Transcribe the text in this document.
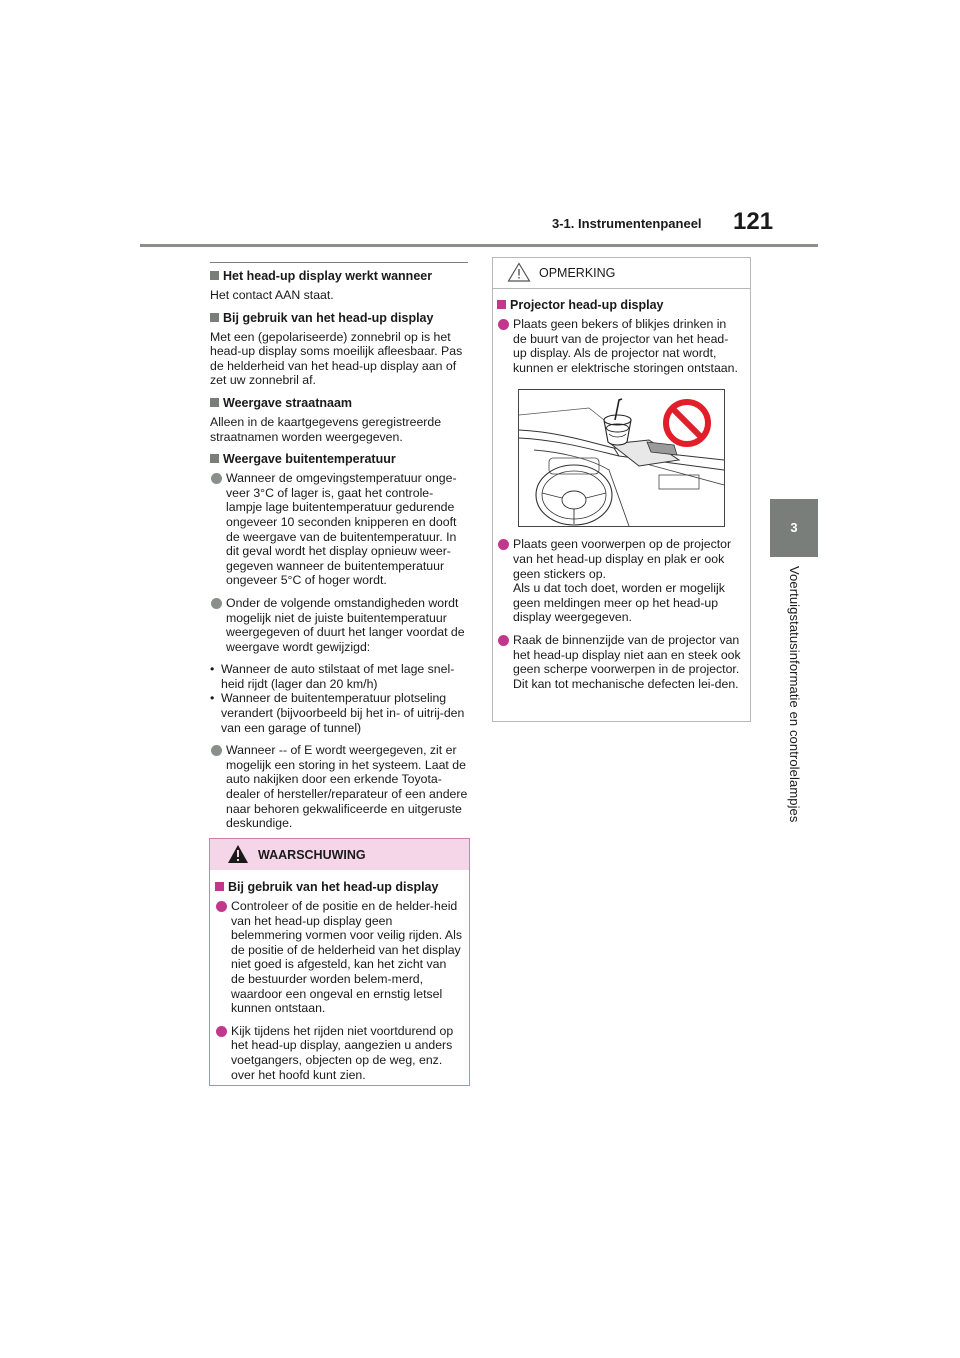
3-1. Instrumentenpaneel 121
3
Voertuigstatusinformatie en controlelampjes
Het head-up display werkt wanneer

Het contact AAN staat.

Bij gebruik van het head-up display

Met een (gepolariseerde) zonnebril op is het head-up display soms moeilijk afleesbaar. Pas de helderheid van het head-up display aan of zet uw zonnebril af.

Weergave straatnaam

Alleen in de kaartgegevens geregistreerde straatnamen worden weergegeven.

Weergave buitentemperatuur
Wanneer de omgevingstemperatuur onge-veer 3°C of lager is, gaat het controle-lampje lage buitentemperatuur gedurende ongeveer 10 seconden knipperen en dooft de weergave van de buitentemperatuur. In dit geval wordt het display opnieuw weer-gegeven wanneer de buitentemperatuur ongeveer 5°C of hoger wordt.
Onder de volgende omstandigheden wordt mogelijk niet de juiste buitentemperatuur weergegeven of duurt het langer voordat de weergave wordt gewijzigd:
• Wanneer de auto stilstaat of met lage snel-heid rijdt (lager dan 20 km/h)
• Wanneer de buitentemperatuur plotseling verandert (bijvoorbeeld bij het in- of uitrij-den van een garage of tunnel)
Wanneer -- of E wordt weergegeven, zit er mogelijk een storing in het systeem. Laat de auto nakijken door een erkende Toyota-dealer of hersteller/reparateur of een andere naar behoren gekwalificeerde en uitgeruste deskundige.
WAARSCHUWING
Bij gebruik van het head-up display
Controleer of de positie en de helder-heid van het head-up display geen belemmering vormen voor veilig rijden. Als de positie of de helderheid van het display niet goed is afgesteld, kan het zicht van de bestuurder worden belem-merd, waardoor een ongeval en ernstig letsel kunnen ontstaan.
Kijk tijdens het rijden niet voortdurend op het head-up display, aangezien u anders voetgangers, objecten op de weg, enz. over het hoofd kunt zien.
OPMERKING
Projector head-up display
Plaats geen bekers of blikjes drinken in de buurt van de projector van het head-up display. Als de projector nat wordt, kunnen er elektrische storingen ontstaan.
Plaats geen voorwerpen op de projector van het head-up display en plak er ook geen stickers op.
Als u dat toch doet, worden er mogelijk geen meldingen meer op het head-up display weergegeven.
Raak de binnenzijde van de projector van het head-up display niet aan en steek ook geen scherpe voorwerpen in de projector.
Dit kan tot mechanische defecten lei-den.
